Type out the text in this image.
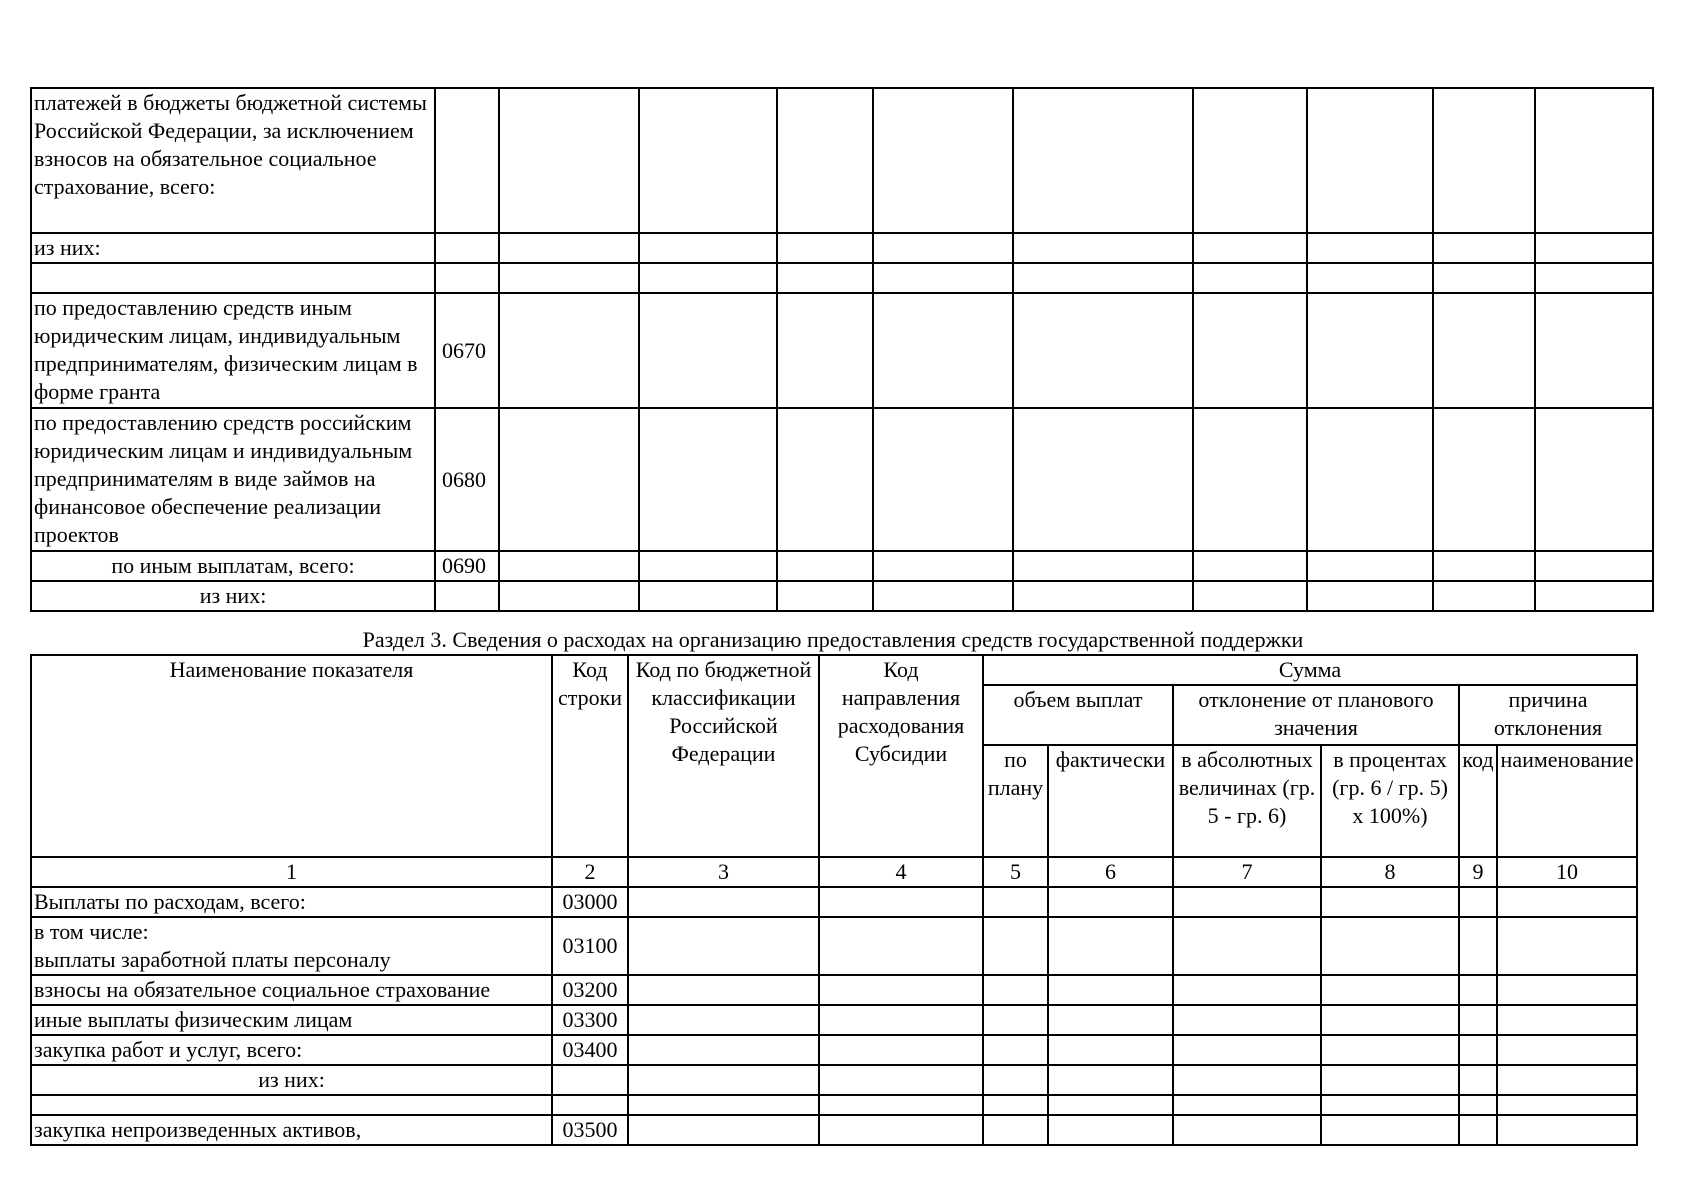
платежей в бюджеты бюджетной системы Российской Федерации, за исключением взносов на обязательное социальное страхование, всего:										
из них:										

по предоставлению средств иным юридическим лицам, индивидуальным предпринимателям, физическим лицам в форме гранта	0670									
по предоставлению средств российским юридическим лицам и индивидуальным предпринимателям в виде займов на финансовое обеспечение реализации проектов	0680									
по иным выплатам, всего:	0690									
из них:										
Раздел 3. Сведения о расходах на организацию предоставления средств государственной поддержки
Наименование показателя	Код строки	Код по бюджетной классификации Российской Федерации	Код направления расходования Субсидии	Сумма					
				объем выплат		отклонение от планового значения		причина отклонения	
				по плану	фактически	в абсолютных величинах (гр. 5 - гр. 6)	в процентах (гр. 6 / гр. 5) х 100%)	код	наименование
1	2	3	4	5	6	7	8	9	10
Выплаты по расходам, всего:	03000								

в том числе:
выплаты заработной платы персоналу	03100								
взносы на обязательное социальное страхование	03200								
иные выплаты физическим лицам	03300								
закупка работ и услуг, всего:	03400								
из них:									

закупка непроизведенных активов,	03500								
